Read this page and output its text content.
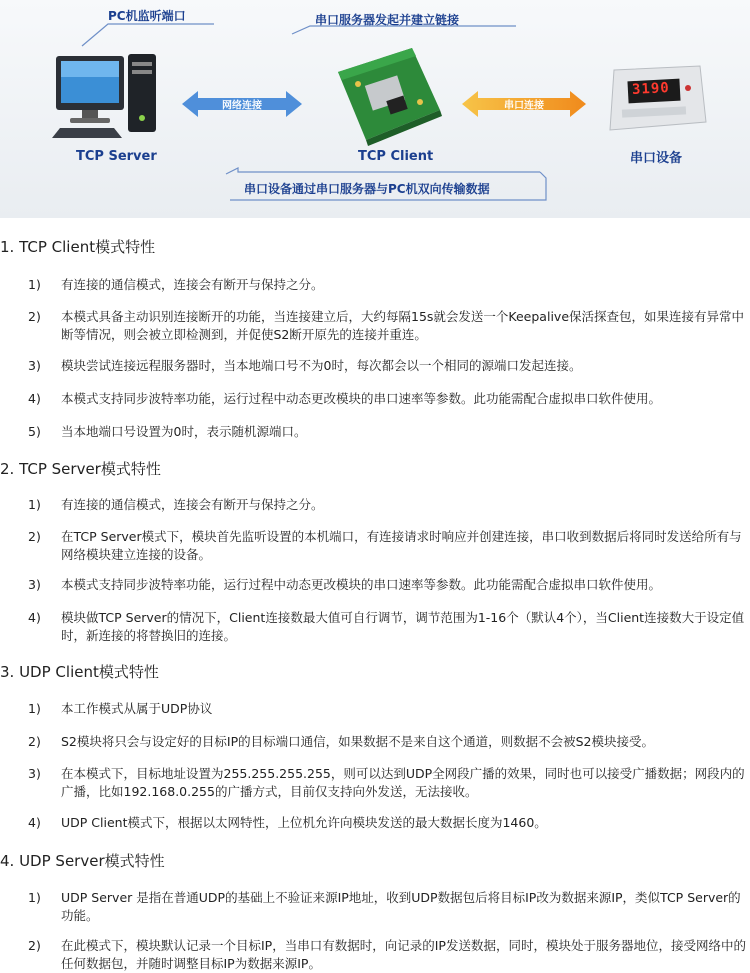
PC机监听端口	串口服务器发起并建立链接
网络连接	串口连接
3190
TCP Server	TCP Client	串口设备
串口设备通过串口服务器与PC机双向传输数据
1. TCP Client模式特性
1)	有连接的通信模式，连接会有断开与保持之分。
2)	本模式具备主动识别连接断开的功能，当连接建立后，大约每隔15s就会发送一个Keepalive保活探查包，如果连接有异常中断等情况，则会被立即检测到，并促使S2断开原先的连接并重连。
3)	模块尝试连接远程服务器时，当本地端口号不为0时，每次都会以一个相同的源端口发起连接。
4)	本模式支持同步波特率功能，运行过程中动态更改模块的串口速率等参数。此功能需配合虚拟串口软件使用。
5)	当本地端口号设置为0时，表示随机源端口。
2. TCP Server模式特性
1)	有连接的通信模式，连接会有断开与保持之分。
2)	在TCP Server模式下，模块首先监听设置的本机端口，有连接请求时响应并创建连接，串口收到数据后将同时发送给所有与网络模块建立连接的设备。
3)	本模式支持同步波特率功能，运行过程中动态更改模块的串口速率等参数。此功能需配合虚拟串口软件使用。
4)	模块做TCP Server的情况下，Client连接数最大值可自行调节，调节范围为1-16个（默认4个），当Client连接数大于设定值时，新连接的将替换旧的连接。
3. UDP Client模式特性
1)	本工作模式从属于UDP协议
2)	S2模块将只会与设定好的目标IP的目标端口通信，如果数据不是来自这个通道，则数据不会被S2模块接受。
3)	在本模式下，目标地址设置为255.255.255.255，则可以达到UDP全网段广播的效果，同时也可以接受广播数据；网段内的广播，比如192.168.0.255的广播方式，目前仅支持向外发送，无法接收。
4)	UDP Client模式下，根据以太网特性，上位机允许向模块发送的最大数据长度为1460。
4. UDP Server模式特性
1)	UDP Server 是指在普通UDP的基础上不验证来源IP地址，收到UDP数据包后将目标IP改为数据来源IP，类似TCP Server的功能。
2)	在此模式下，模块默认记录一个目标IP，当串口有数据时，向记录的IP发送数据，同时，模块处于服务器地位，接受网络中的任何数据包，并随时调整目标IP为数据来源IP。
